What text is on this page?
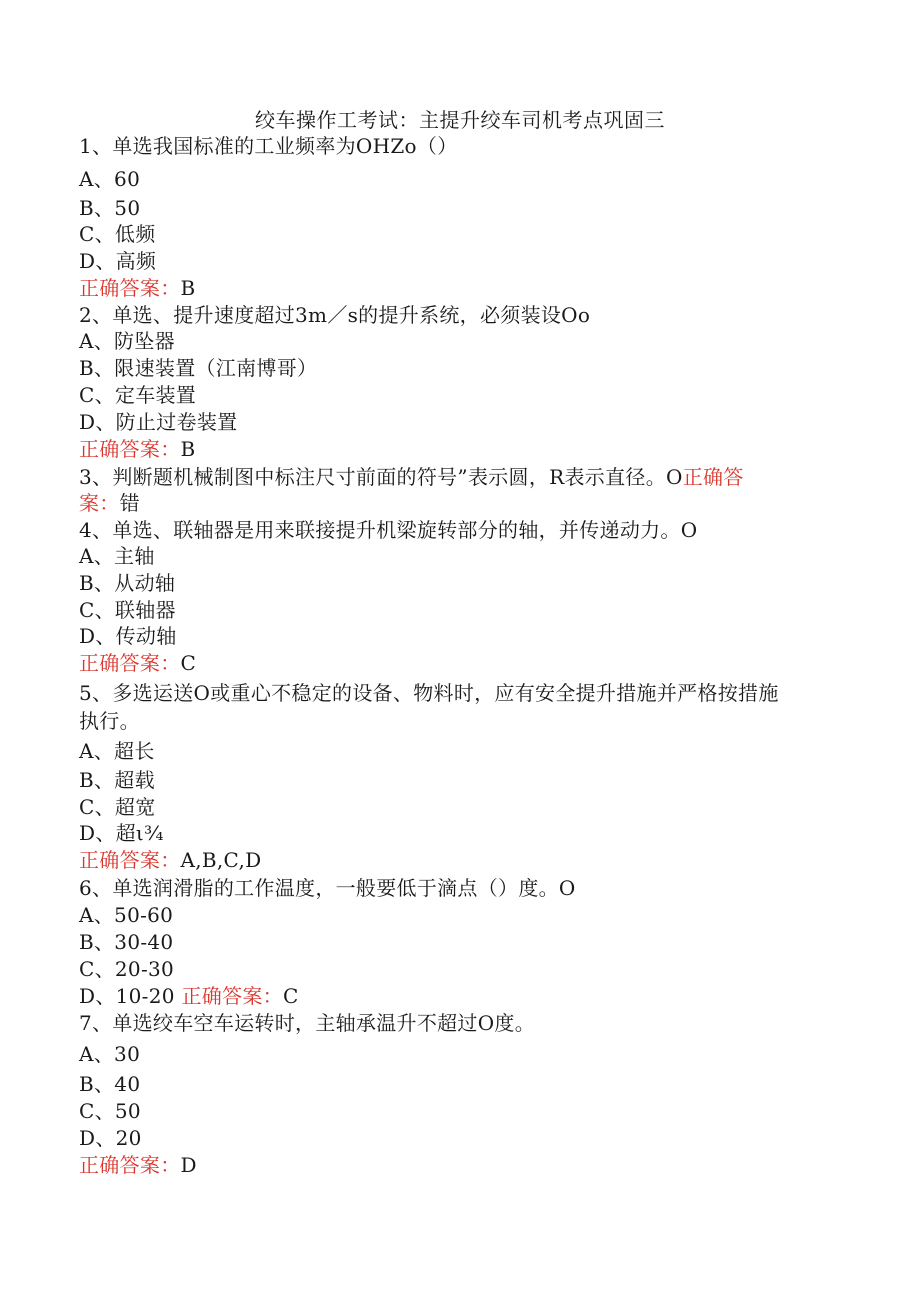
绞车操作工考试：主提升绞车司机考点巩固三
1、单选我国标准的工业频率为OHZo（）
A、60
B、50
C、低频
D、高频
正确答案：B
2、单选、提升速度超过3m／s的提升系统，必须装设Oo
A、防坠器
B、限速装置（江南博哥）
C、定车装置
D、防止过卷装置
正确答案：B
3、判断题机械制图中标注尺寸前面的符号”表示圆，R表示直径。O正确答
案：错
4、单选、联轴器是用来联接提升机梁旋转部分的轴，并传递动力。O
A、主轴
B、从动轴
C、联轴器
D、传动轴
正确答案：C
5、多选运送O或重心不稳定的设备、物料时，应有安全提升措施并严格按措施
执行。
A、超长
B、超载
C、超宽
D、超ι¾
正确答案：A,B,C,D
6、单选润滑脂的工作温度，一般要低于滴点（）度。O
A、50-60
B、30-40
C、20-30
D、10-20 正确答案：C
7、单选绞车空车运转时，主轴承温升不超过O度。
A、30
B、40
C、50
D、20
正确答案：D
